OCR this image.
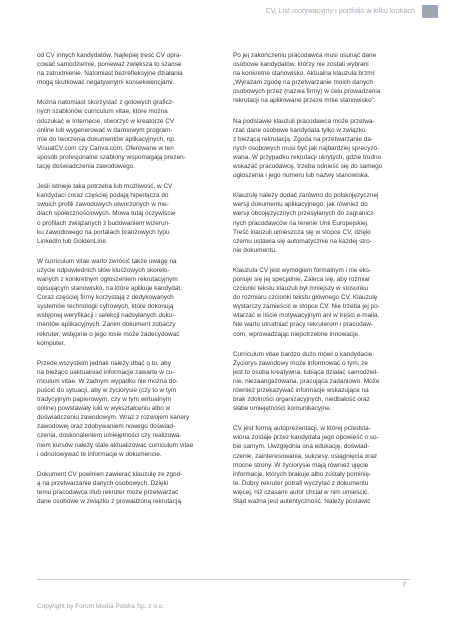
CV, List motywacyjny i portfolio w kilku krokach

od CV innych kandydatów. Najlepiej treść CV opra-
cować samodzielnie, ponieważ zwiększa to szanse
na zatrudnienie. Natomiast bezrefleksyjne działania
mogą skutkować negatywnymi konsekwencjami.

Można natomiast skorzystać z gotowych graficz-
nych szablonów curriculum vitae, które można
odszukać w Internecie, stworzyć w kreatorze CV
online lub wygenerować w darmowym program-
mie do tworzenia dokumentów aplikacyjnych, np.
VisualCV.com czy Canva.com. Oferowane w ten
sposób profesjonalne szablony wspomagają prezen-
tację doświadczenia zawodowego.

Jeśli istnieje taka potrzeba lub możliwość, w CV
kandydaci coraz częściej podają hiperłącza do
swoich profili zawodowych utworzonych w me-
diach społecznościowych. Mowa tutaj oczywiście
o profilach związanych z budowaniem wizerun-
ku zawodowego na portalach branżowych typu
LinkedIn lub GoldenLine.

W curriculum vitae warto zwrócić także uwagę na
użycie odpowiednich słów kluczowych skorelo-
wanych z konkretnym ogłoszeniem rekrutacyjnym
opisującym stanowisko, na które aplikuje kandydat.
Coraz częściej firmy korzystają z dedykowanych
systemów technologii cyfrowych, które dokonują
wstępnej weryfikacji i selekcji nadsyłanych doku-
mentów aplikacyjnych. Zanim dokument zobaczy
rekruter, wstępnie o jego losie może zadecydować
komputer.

Przede wszystkim jednak należy dbać o to, aby
na bieżąco uaktualniać informacje zawarte w cu-
rriculum vitae. W żadnym wypadku nie można do-
puścić do sytuacji, aby w życiorysie (czy to w tym
tradycyjnym papierowym, czy w tym wirtualnym
online) powstawały luki w wykształceniu albo w
doświadczeniu zawodowym. Wraz z rozwojem kariery
zawodowej oraz zdobywaniem nowego doświad-
czenia, doskonaleniem umiejętności czy realizowa-
niem kursów należy stale aktualizować curriculum vitae
i odnotowywać te informacje w dokumencie.

Dokument CV powinien zawierać klauzulę ze zgod-
ą na przetwarzanie danych osobowych. Dzięki
temu pracodawca i/lub rekruter może przetwarzać
dane osobowe w związku z prowadzoną rekrutacją.

Po jej zakończeniu pracodawca musi usunąć dane
osobowe kandydatów, którzy nie zostali wybrani
na konkretne stanowisko. Aktualna klauzula brzmi:
„Wyrażam zgodę na przetwarzanie moich danych
osobowych przez (nazwa firmy) w celu prowadzenia
rekrutacji na aplikowane przeze mnie stanowisko”.

Na podstawie klauzuli pracodawca może przetwa-
rzać dane osobowe kandydata tylko w związku
z bieżącą rekrutacją. Zgoda na przetwarzanie da-
nych osobowych musi być jak najbardziej sprecyzo-
wana. W przypadku rekrutacji ukrytych, gdzie trudno
wskazać pracodawcę, trzeba odnieść się do samego
ogłoszenia i jego numeru lub nazwy stanowiska.

Klauzulę należy dodać zarówno do polskojęzycznej
wersji dokumentu aplikacyjnego, jak również do
wersji obcojęzycznych przesyłanych do zagranicz-
nych pracodawców na terenie Unii Europejskiej.
Treść klauzuli umieszcza się w stopce CV, dzięki
czemu ustawia się automatycznie na każdej stro-
nie dokumentu.

Klauzula CV jest wymogiem formalnym i nie eks-
ponuje się jej specjalnie. Zaleca się, aby rozmiar
czcionki tekstu klauzuli był mniejszy w stosunku
do rozmiaru czcionki tekstu głównego CV. Klauzulę
wystarczy zamieścić w stopce CV. Nie trzeba jej po-
wtarzać w liście motywacyjnym ani w treści e-maila.
Nie warto utrudniać pracy rekruterom i pracodaw-
com, wprowadzając niepotrzebne innowacje.

Curriculum vitae bardzo dużo mówi o kandydacie.
Życiorys zawodowy może informować o tym, że
jest to osoba kreatywna, lubiąca działać samodziel-
nie, niezaangażowana, pracująca zadaniowo. Może
również przekazywać informacje wskazujące na
brak zdolności organizacyjnych, niedbałość oraz
słabe umiejętności komunikacyjne.

CV jest formą autoprezentacji, w której przedsta-
wiona zostaje przez kandydata jego opowieść o so-
bie samym. Uwzględnia ona edukację, doświad-
czenie, zainteresowania, sukcesy, osiągnięcia oraz
mocne strony. W życiorysie mają również ujęcie
informacje, których brakuje albo zostały pominię-
te. Dobry rekruter potrafi wyczytać z dokumentu
więcej, niż czasami autor chciał w nim umieścić.
Stąd ważna jest autentyczność. Należy postawić

7
Copyright by Forum Media Polska Sp. z o.o.
